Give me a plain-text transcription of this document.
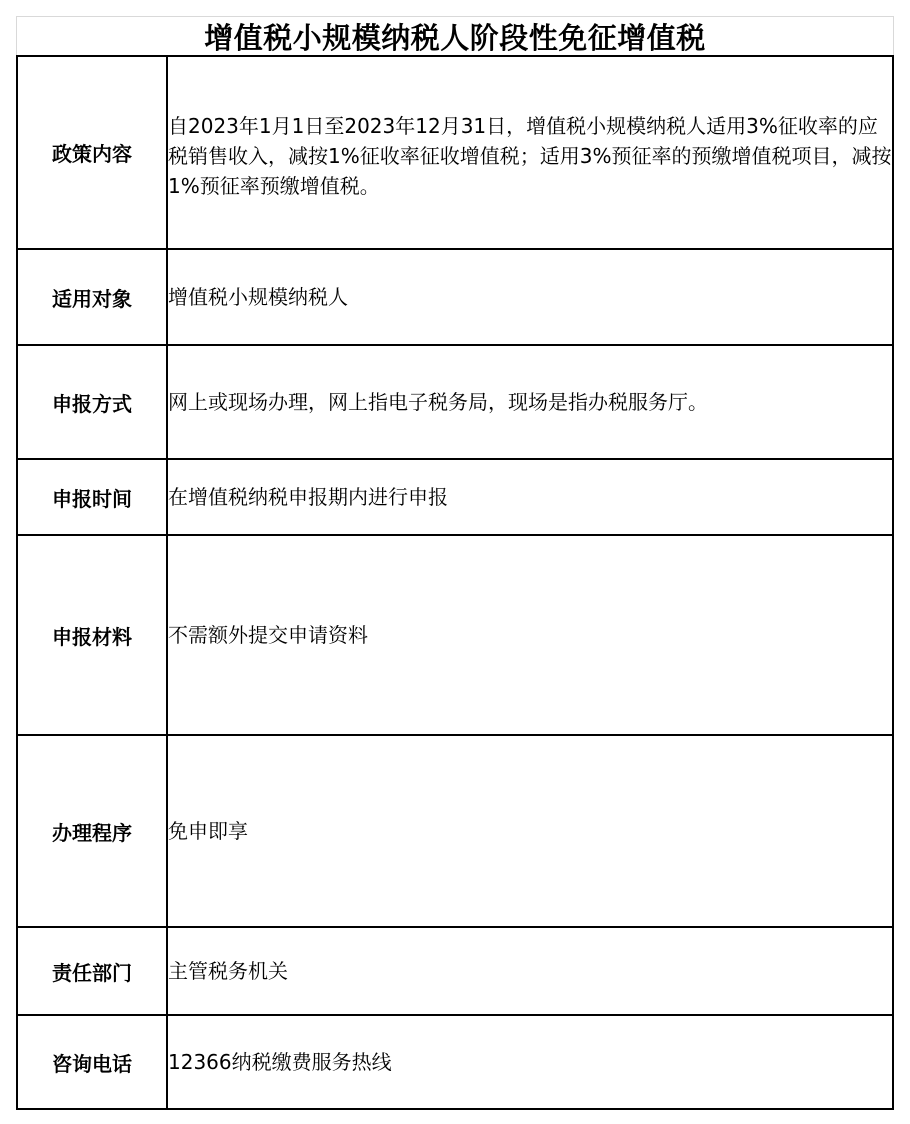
增值税小规模纳税人阶段性免征增值税
政策内容	自2023年1月1日至2023年12月31日，增值税小规模纳税人适用3%征收率的应税销售收入，减按1%征收率征收增值税；适用3%预征率的预缴增值税项目，减按1%预征率预缴增值税。
适用对象	增值税小规模纳税人
申报方式	网上或现场办理，网上指电子税务局，现场是指办税服务厅。
申报时间	在增值税纳税申报期内进行申报
申报材料	不需额外提交申请资料
办理程序	免申即享
责任部门	主管税务机关
咨询电话	12366纳税缴费服务热线
